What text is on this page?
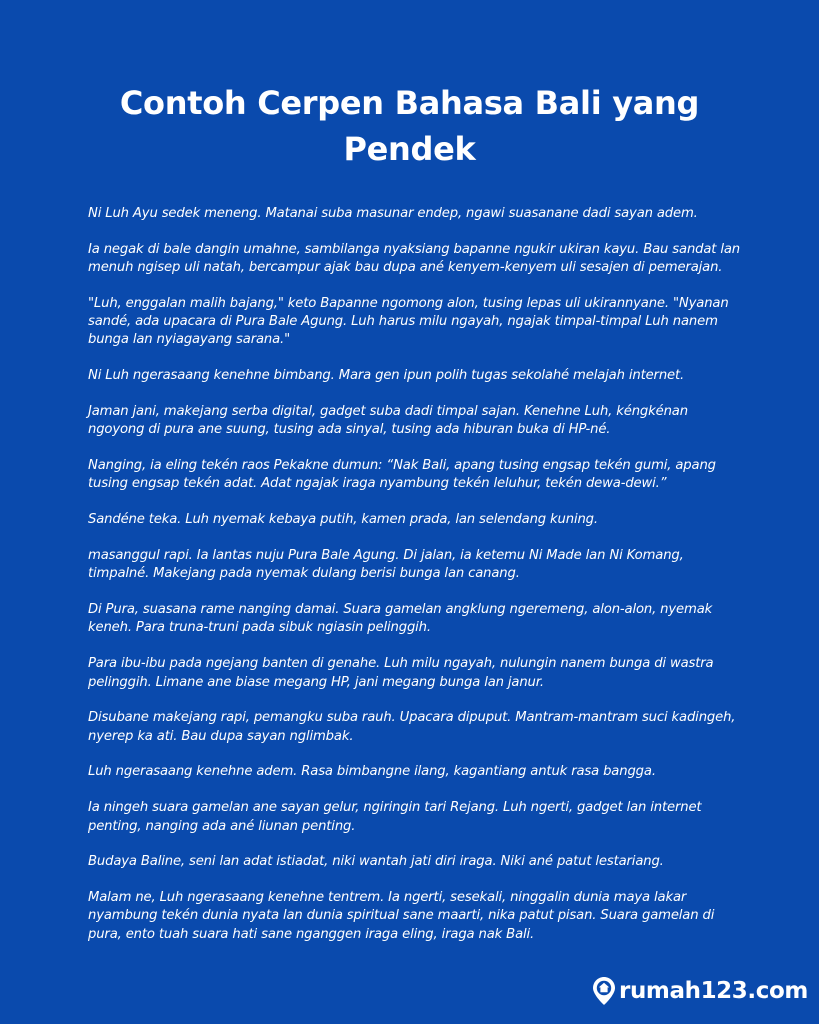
Contoh Cerpen Bahasa Bali yang Pendek

Ni Luh Ayu sedek meneng. Matanai suba masunar endep, ngawi suasanane dadi sayan adem.

Ia negak di bale dangin umahne, sambilanga nyaksiang bapanne ngukir ukiran kayu. Bau sandat lan menuh ngisep uli natah, bercampur ajak bau dupa ané kenyem-kenyem uli sesajen di pemerajan.

"Luh, enggalan malih bajang," keto Bapanne ngomong alon, tusing lepas uli ukirannyane. "Nyanan sandé, ada upacara di Pura Bale Agung. Luh harus milu ngayah, ngajak timpal-timpal Luh nanem bunga lan nyiagayang sarana."

Ni Luh ngerasaang kenehne bimbang. Mara gen ipun polih tugas sekolahé melajah internet.

Jaman jani, makejang serba digital, gadget suba dadi timpal sajan. Kenehne Luh, kéngkénan ngoyong di pura ane suung, tusing ada sinyal, tusing ada hiburan buka di HP-né.

Nanging, ia eling tekén raos Pekakne dumun: “Nak Bali, apang tusing engsap tekén gumi, apang tusing engsap tekén adat. Adat ngajak iraga nyambung tekén leluhur, tekén dewa-dewi.”

Sandéne teka. Luh nyemak kebaya putih, kamen prada, lan selendang kuning.

masanggul rapi. Ia lantas nuju Pura Bale Agung. Di jalan, ia ketemu Ni Made lan Ni Komang, timpalné. Makejang pada nyemak dulang berisi bunga lan canang.

Di Pura, suasana rame nanging damai. Suara gamelan angklung ngeremeng, alon-alon, nyemak keneh. Para truna-truni pada sibuk ngiasin pelinggih.

Para ibu-ibu pada ngejang banten di genahe. Luh milu ngayah, nulungin nanem bunga di wastra pelinggih. Limane ane biase megang HP, jani megang bunga lan janur.

Disubane makejang rapi, pemangku suba rauh. Upacara dipuput. Mantram-mantram suci kadingeh, nyerep ka ati. Bau dupa sayan nglimbak.

Luh ngerasaang kenehne adem. Rasa bimbangne ilang, kagantiang antuk rasa bangga.

Ia ningeh suara gamelan ane sayan gelur, ngiringin tari Rejang. Luh ngerti, gadget lan internet penting, nanging ada ané liunan penting.

Budaya Baline, seni lan adat istiadat, niki wantah jati diri iraga. Niki ané patut lestariang.

Malam ne, Luh ngerasaang kenehne tentrem. Ia ngerti, sesekali, ninggalin dunia maya lakar nyambung tekén dunia nyata lan dunia spiritual sane maarti, nika patut pisan. Suara gamelan di pura, ento tuah suara hati sane nganggen iraga eling, iraga nak Bali.

rumah123.com
